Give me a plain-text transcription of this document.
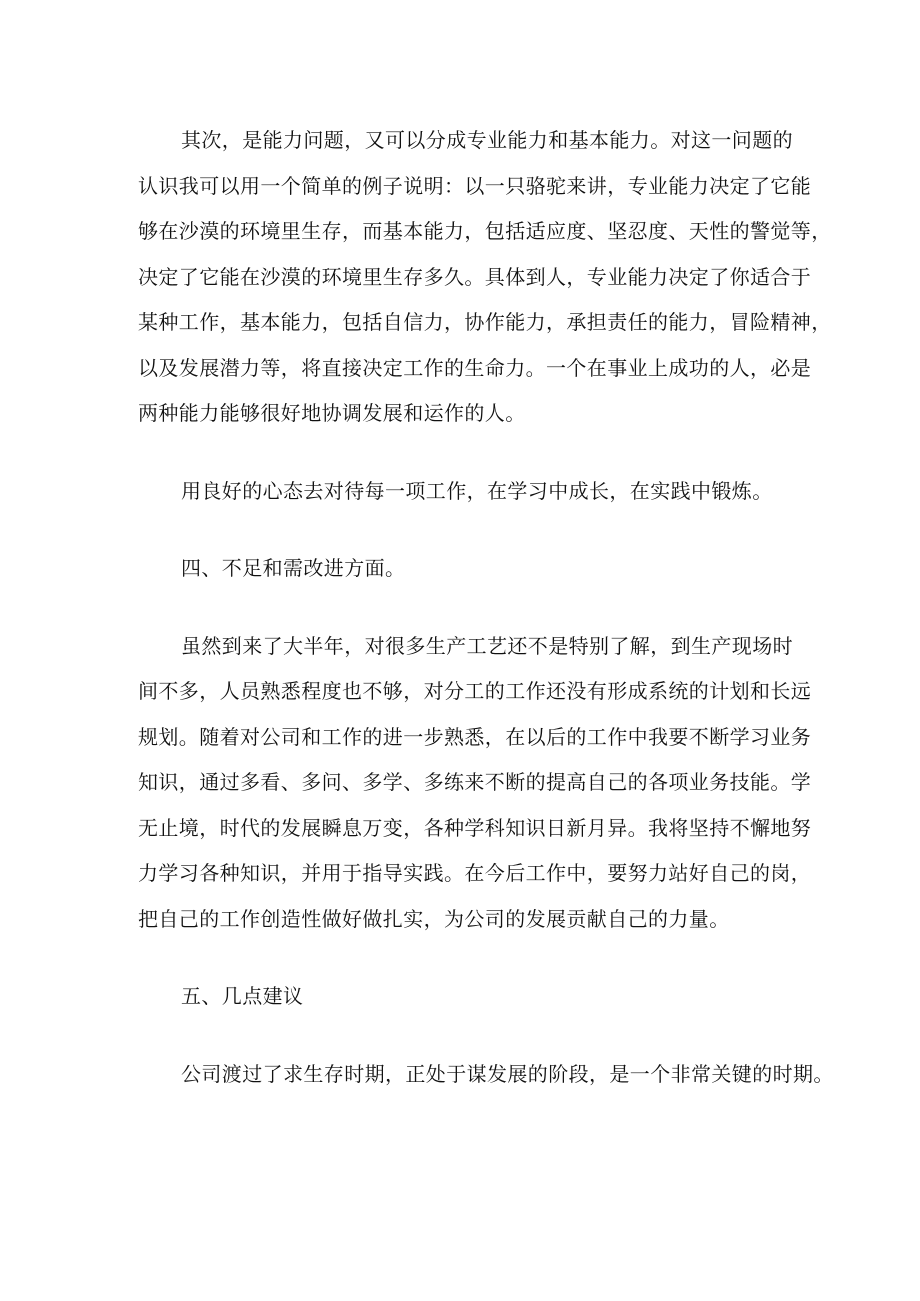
其次，是能力问题，又可以分成专业能力和基本能力。对这一问题的
认识我可以用一个简单的例子说明：以一只骆驼来讲，专业能力决定了它能
够在沙漠的环境里生存，而基本能力，包括适应度、坚忍度、天性的警觉等，
决定了它能在沙漠的环境里生存多久。具体到人，专业能力决定了你适合于
某种工作，基本能力，包括自信力，协作能力，承担责任的能力，冒险精神，
以及发展潜力等，将直接决定工作的生命力。一个在事业上成功的人，必是
两种能力能够很好地协调发展和运作的人。
用良好的心态去对待每一项工作，在学习中成长，在实践中锻炼。
四、不足和需改进方面。
虽然到来了大半年，对很多生产工艺还不是特别了解，到生产现场时
间不多，人员熟悉程度也不够，对分工的工作还没有形成系统的计划和长远
规划。随着对公司和工作的进一步熟悉，在以后的工作中我要不断学习业务
知识，通过多看、多问、多学、多练来不断的提高自己的各项业务技能。学
无止境，时代的发展瞬息万变，各种学科知识日新月异。我将坚持不懈地努
力学习各种知识，并用于指导实践。在今后工作中，要努力站好自己的岗，
把自己的工作创造性做好做扎实，为公司的发展贡献自己的力量。
五、几点建议
公司渡过了求生存时期，正处于谋发展的阶段，是一个非常关键的时期。
